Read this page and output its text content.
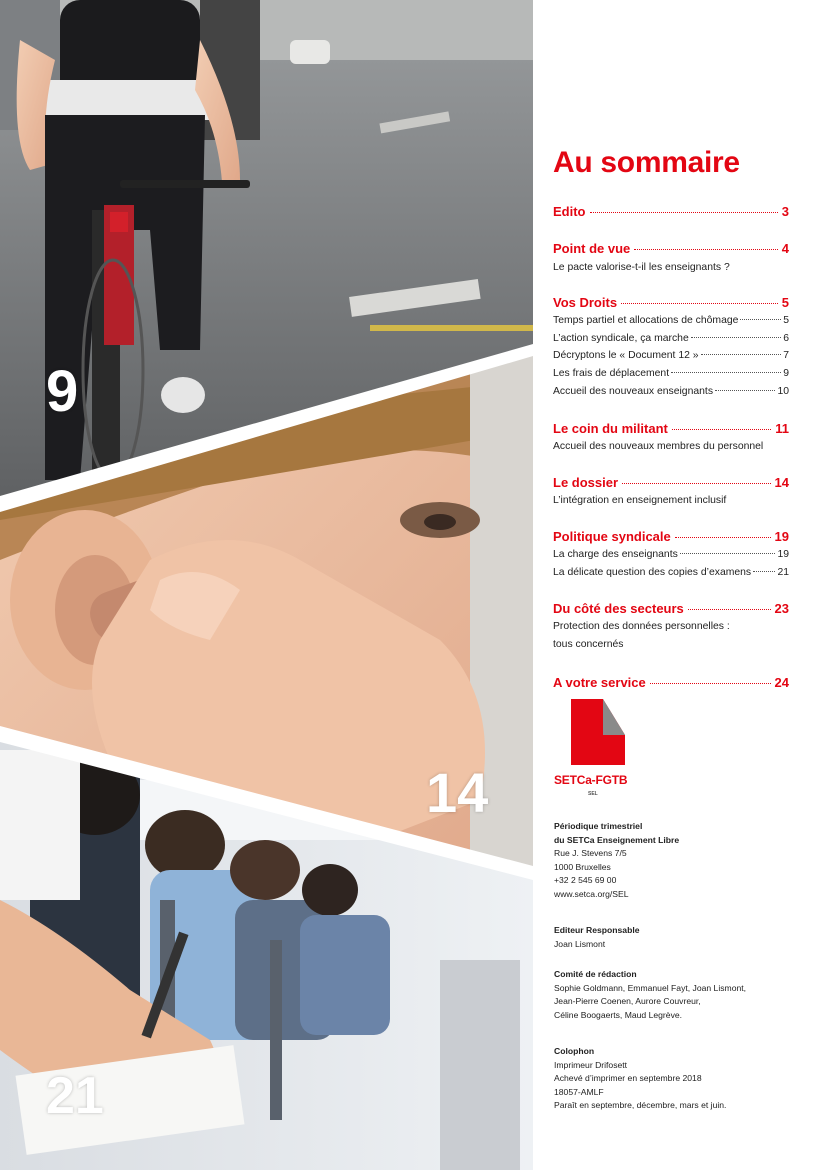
9
14
21
Au sommaire
Edito	3
Point de vue	4
Le pacte valorise-t-il les enseignants ?
Vos Droits	5
Temps partiel et allocations de chômage	5
L’action syndicale, ça marche	6
Décryptons le « Document 12 »	7
Les frais de déplacement	9
Accueil des nouveaux enseignants	10
Le coin du militant	11
Accueil des nouveaux membres du personnel
Le dossier	14
L’intégration en enseignement inclusif
Politique syndicale	19
La charge des enseignants	19
La délicate question des copies d’examens	21
Du côté des secteurs	23
Protection des données personnelles :
tous concernés
A votre service	24
SETCa-FGTB
SEL
Périodique trimestriel
du SETCa Enseignement Libre
Rue J. Stevens 7/5
1000 Bruxelles
+32 2 545 69 00
www.setca.org/SEL
Editeur Responsable
Joan Lismont
Comité de rédaction
Sophie Goldmann, Emmanuel Fayt, Joan Lismont,
Jean-Pierre Coenen, Aurore Couvreur,
Céline Boogaerts, Maud Legrève.
Colophon
Imprimeur Drifosett
Achevé d’imprimer en septembre 2018
18057-AMLF
Paraît en septembre, décembre, mars et juin.
